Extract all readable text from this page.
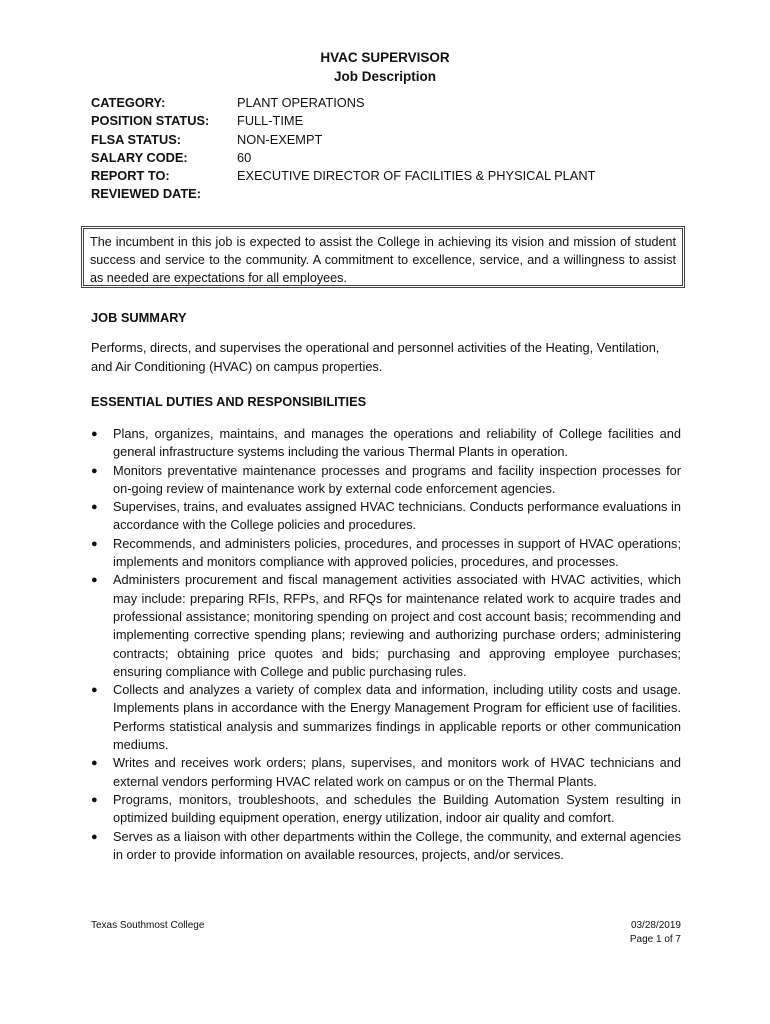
HVAC SUPERVISOR
Job Description
CATEGORY:	PLANT OPERATIONS
POSITION STATUS:	FULL-TIME
FLSA STATUS:	NON-EXEMPT
SALARY CODE:	60
REPORT TO:	EXECUTIVE DIRECTOR OF FACILITIES & PHYSICAL PLANT
REVIEWED DATE:
The incumbent in this job is expected to assist the College in achieving its vision and mission of student success and service to the community. A commitment to excellence, service, and a willingness to assist as needed are expectations for all employees.
JOB SUMMARY
Performs, directs, and supervises the operational and personnel activities of the Heating, Ventilation, and Air Conditioning (HVAC) on campus properties.
ESSENTIAL DUTIES AND RESPONSIBILITIES
● Plans, organizes, maintains, and manages the operations and reliability of College facilities and general infrastructure systems including the various Thermal Plants in operation.
● Monitors preventative maintenance processes and programs and facility inspection processes for on-going review of maintenance work by external code enforcement agencies.
● Supervises, trains, and evaluates assigned HVAC technicians. Conducts performance evaluations in accordance with the College policies and procedures.
● Recommends, and administers policies, procedures, and processes in support of HVAC operations; implements and monitors compliance with approved policies, procedures, and processes.
● Administers procurement and fiscal management activities associated with HVAC activities, which may include: preparing RFIs, RFPs, and RFQs for maintenance related work to acquire trades and professional assistance; monitoring spending on project and cost account basis; recommending and implementing corrective spending plans; reviewing and authorizing purchase orders; administering contracts; obtaining price quotes and bids; purchasing and approving employee purchases; ensuring compliance with College and public purchasing rules.
● Collects and analyzes a variety of complex data and information, including utility costs and usage. Implements plans in accordance with the Energy Management Program for efficient use of facilities. Performs statistical analysis and summarizes findings in applicable reports or other communication mediums.
● Writes and receives work orders; plans, supervises, and monitors work of HVAC technicians and external vendors performing HVAC related work on campus or on the Thermal Plants.
● Programs, monitors, troubleshoots, and schedules the Building Automation System resulting in optimized building equipment operation, energy utilization, indoor air quality and comfort.
● Serves as a liaison with other departments within the College, the community, and external agencies in order to provide information on available resources, projects, and/or services.
Texas Southmost College	03/28/2019
Page 1 of 7
